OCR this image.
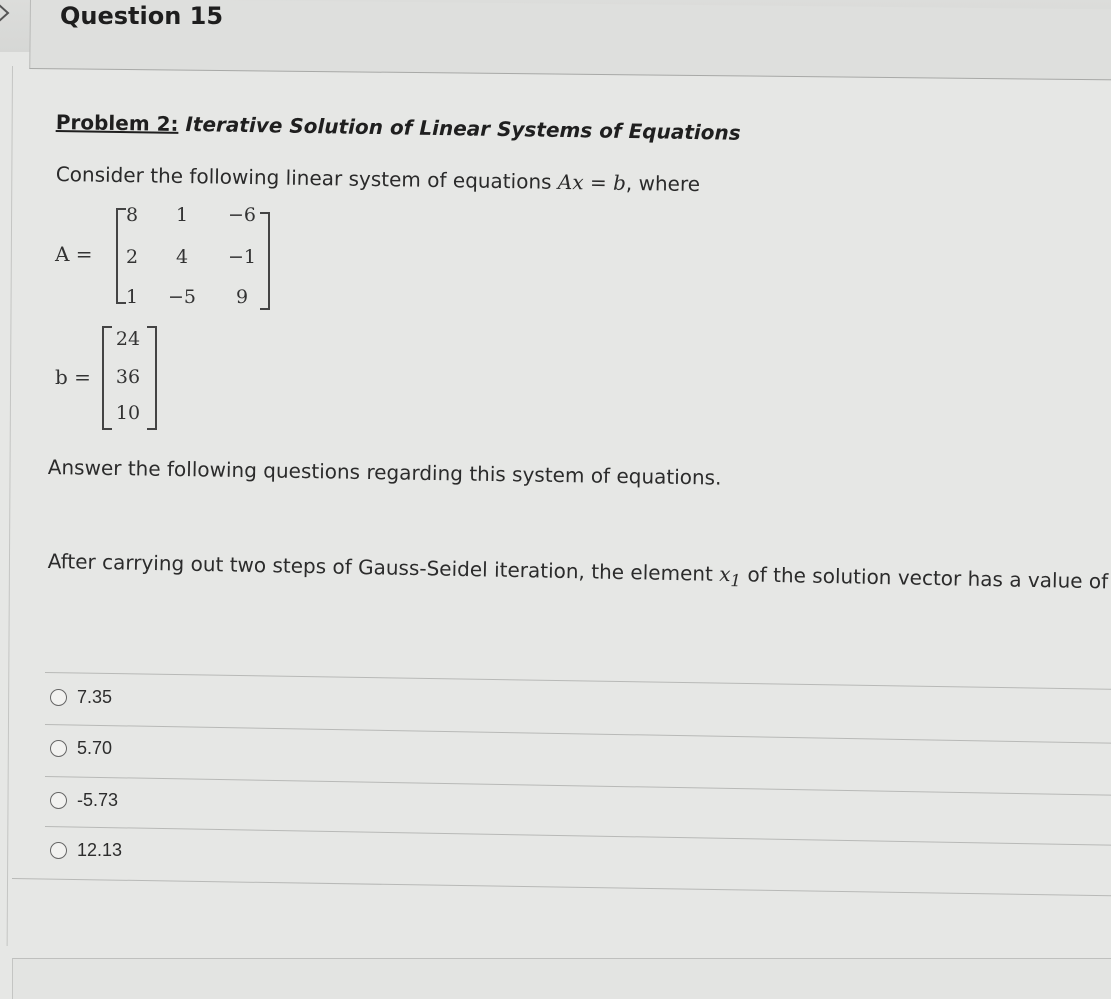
Question 15
Problem 2: Iterative Solution of Linear Systems of Equations
Consider the following linear system of equations Ax = b, where
A =
8	1	−6
2	4	−1
1	−5	9
b =
24
36
10
Answer the following questions regarding this system of equations.
After carrying out two steps of Gauss-Seidel iteration, the element $x_1$ of the solution vector has a value of
7.35
5.70
-5.73
12.13
